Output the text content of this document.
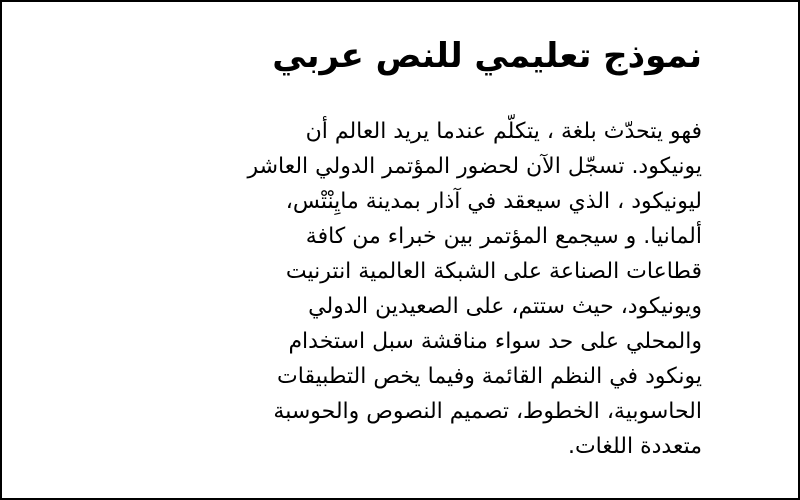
نموذج تعليمي للنص عربي
فهو يتحدّث بلغة ، يتكلّم عندما يريد العالم أن
يونيكود. تسجّل الآن لحضور المؤتمر الدولي العاشر
ليونيكود ، الذي سيعقد في آذار بمدينة مايِنْتْس،
ألمانيا. و سيجمع المؤتمر بين خبراء من كافة
قطاعات الصناعة على الشبكة العالمية انترنيت
ويونيكود، حيث ستتم، على الصعيدين الدولي
والمحلي على حد سواء مناقشة سبل استخدام
يونكود في النظم القائمة وفيما يخص التطبيقات
الحاسوبية، الخطوط، تصميم النصوص والحوسبة
متعددة اللغات.
